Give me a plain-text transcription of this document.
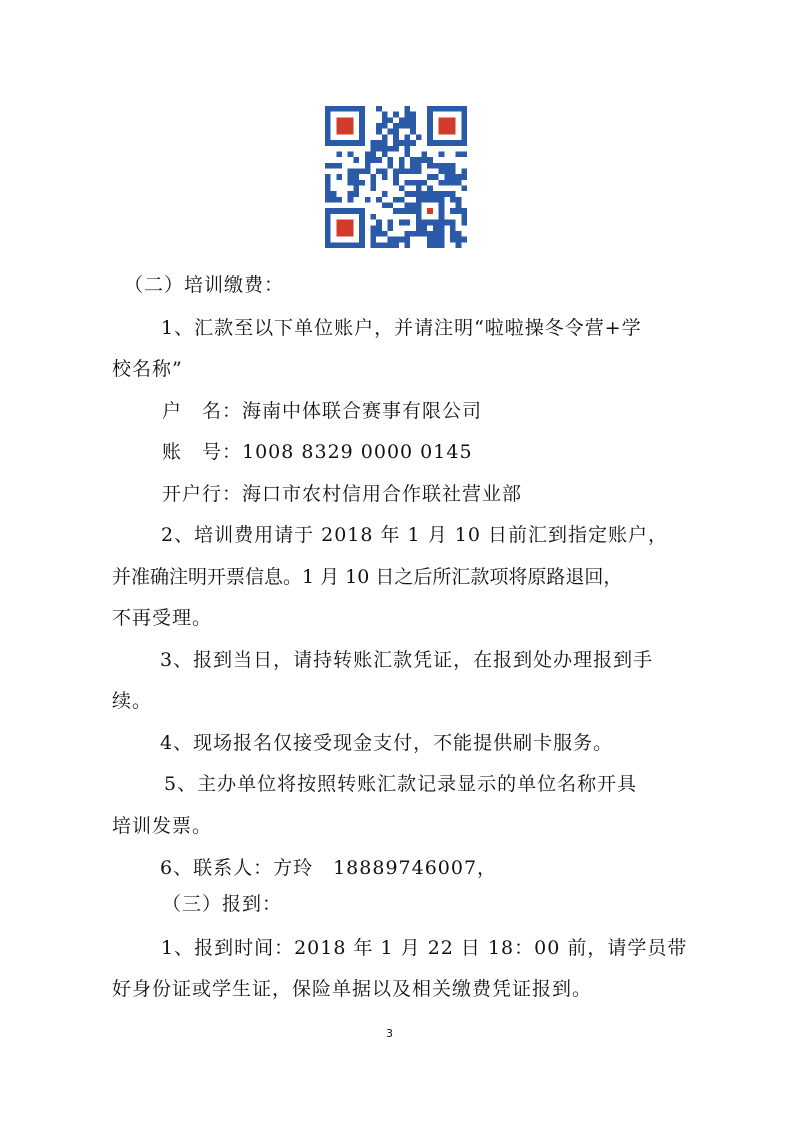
（二）培训缴费：
1、汇款至以下单位账户，并请注明“啦啦操冬令营+学
校名称”
户　名：海南中体联合赛事有限公司
账　号：1008 8329 0000 0145
开户行：海口市农村信用合作联社营业部
2、培训费用请于 2018 年 1 月 10 日前汇到指定账户，
并准确注明开票信息。1 月 10 日之后所汇款项将原路退回，
不再受理。
3、报到当日，请持转账汇款凭证，在报到处办理报到手
续。
4、现场报名仅接受现金支付，不能提供刷卡服务。
5、主办单位将按照转账汇款记录显示的单位名称开具
培训发票。
6、联系人：方玲　18889746007，
（三）报到：
1、报到时间：2018 年 1 月 22 日 18：00 前，请学员带
好身份证或学生证，保险单据以及相关缴费凭证报到。
3
